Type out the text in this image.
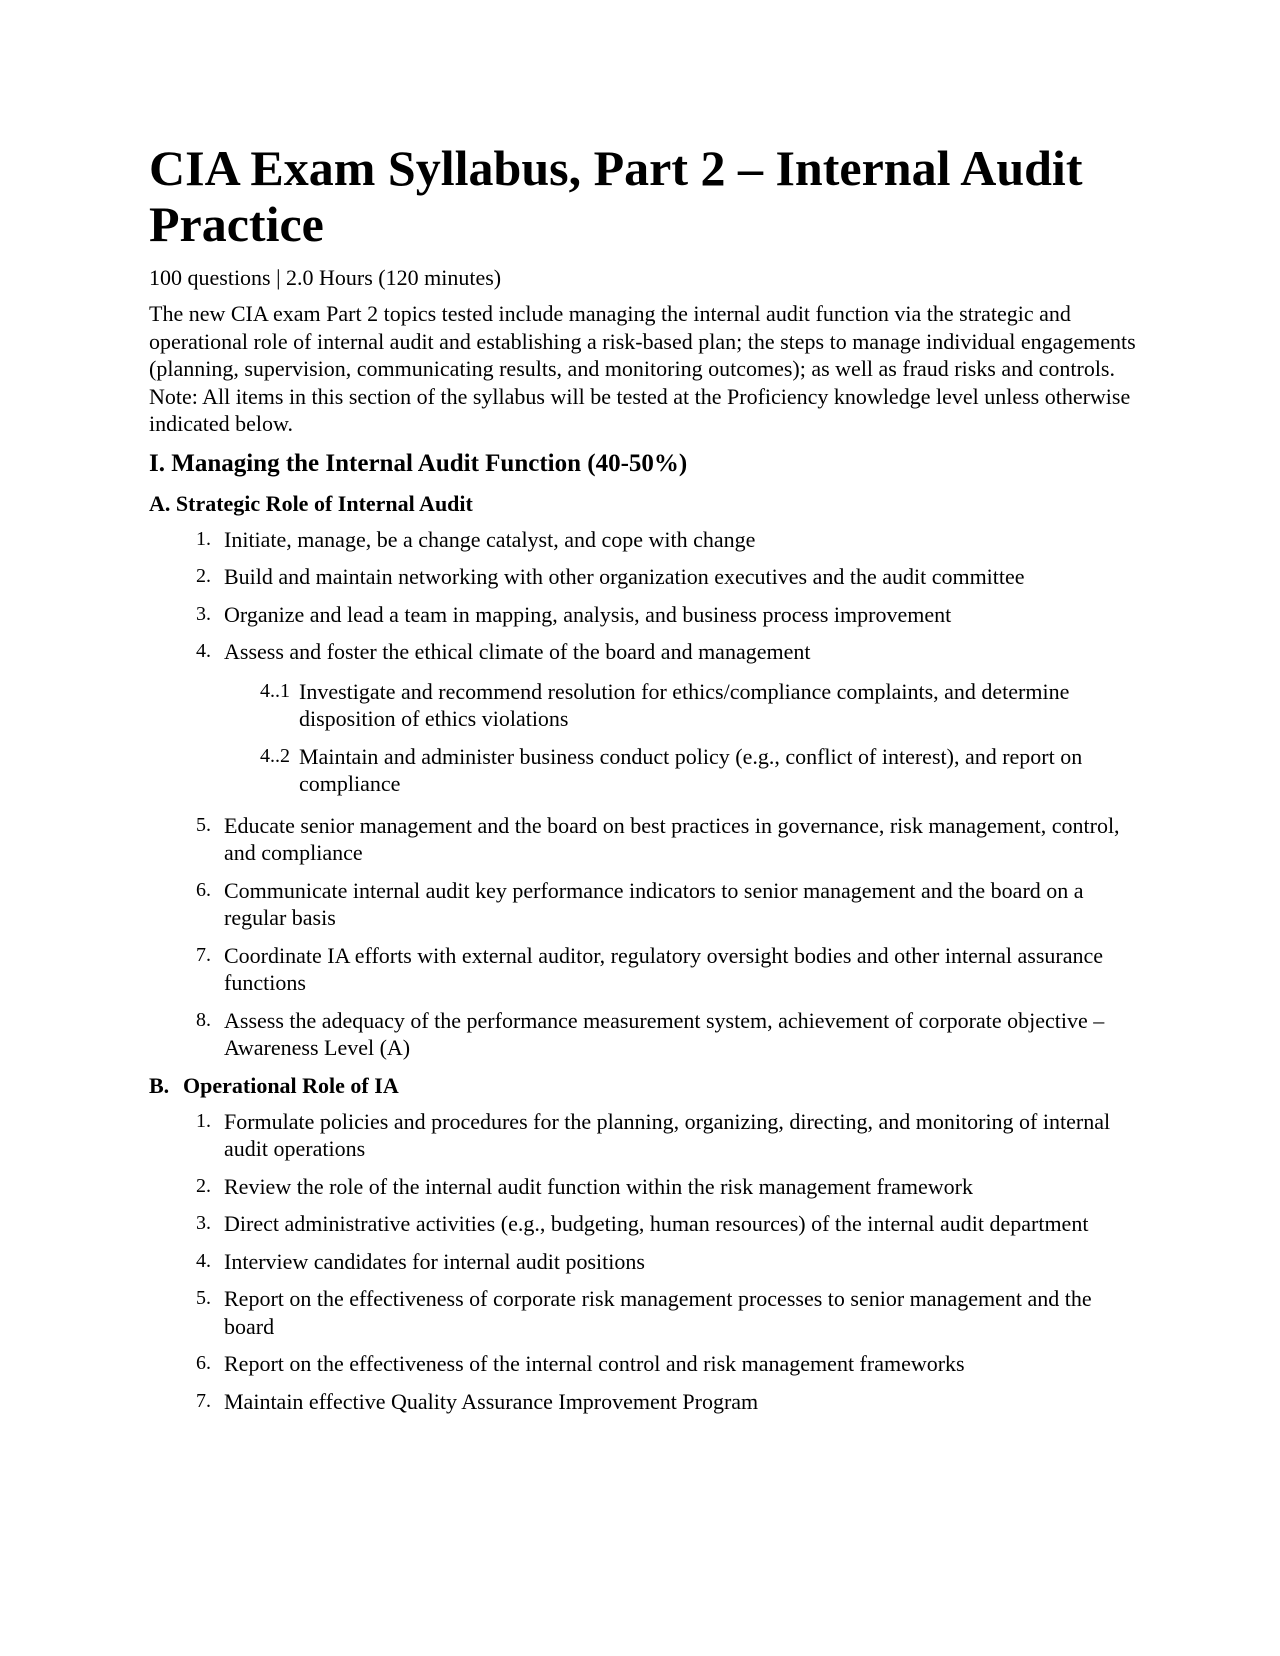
CIA Exam Syllabus, Part 2 – Internal Audit Practice

100 questions | 2.0 Hours (120 minutes)

The new CIA exam Part 2 topics tested include managing the internal audit function via the strategic and operational role of internal audit and establishing a risk-based plan; the steps to manage individual engagements (planning, supervision, communicating results, and monitoring outcomes); as well as fraud risks and controls. Note: All items in this section of the syllabus will be tested at the Proficiency knowledge level unless otherwise indicated below.

I. Managing the Internal Audit Function (40-50%)
A. Strategic Role of Internal Audit
1. Initiate, manage, be a change catalyst, and cope with change
2. Build and maintain networking with other organization executives and the audit committee
3. Organize and lead a team in mapping, analysis, and business process improvement
4. Assess and foster the ethical climate of the board and management
4..1 Investigate and recommend resolution for ethics/compliance complaints, and determine disposition of ethics violations
4..2 Maintain and administer business conduct policy (e.g., conflict of interest), and report on compliance
5. Educate senior management and the board on best practices in governance, risk management, control, and compliance
6. Communicate internal audit key performance indicators to senior management and the board on a regular basis
7. Coordinate IA efforts with external auditor, regulatory oversight bodies and other internal assurance functions
8. Assess the adequacy of the performance measurement system, achievement of corporate objective – Awareness Level (A)
B. Operational Role of IA
1. Formulate policies and procedures for the planning, organizing, directing, and monitoring of internal audit operations
2. Review the role of the internal audit function within the risk management framework
3. Direct administrative activities (e.g., budgeting, human resources) of the internal audit department
4. Interview candidates for internal audit positions
5. Report on the effectiveness of corporate risk management processes to senior management and the board
6. Report on the effectiveness of the internal control and risk management frameworks
7. Maintain effective Quality Assurance Improvement Program
